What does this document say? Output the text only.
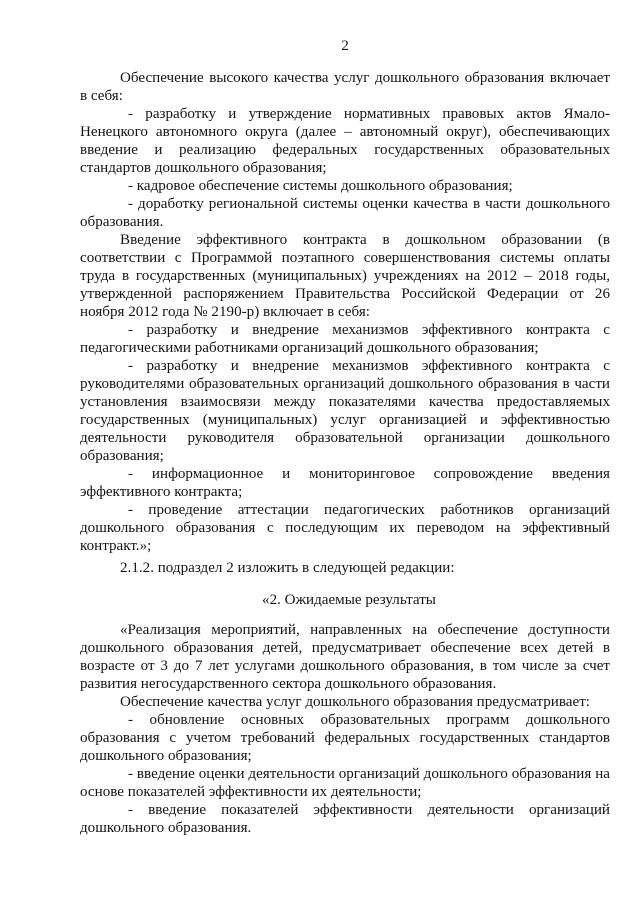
2

Обеспечение высокого качества услуг дошкольного образования включает в себя:

- разработку и утверждение нормативных правовых актов Ямало-Ненецкого автономного округа (далее – автономный округ), обеспечивающих введение и реализацию федеральных государственных образовательных стандартов дошкольного образования;

- кадровое обеспечение системы дошкольного образования;

- доработку региональной системы оценки качества в части дошкольного образования.

Введение эффективного контракта в дошкольном образовании (в соответствии с Программой поэтапного совершенствования системы оплаты труда в государственных (муниципальных) учреждениях на 2012 – 2018 годы, утвержденной распоряжением Правительства Российской Федерации от 26 ноября 2012 года № 2190-р) включает в себя:

- разработку и внедрение механизмов эффективного контракта с педагогическими работниками организаций дошкольного образования;

- разработку и внедрение механизмов эффективного контракта с руководителями образовательных организаций дошкольного образования в части установления взаимосвязи между показателями качества предоставляемых государственных (муниципальных) услуг организацией и эффективностью деятельности руководителя образовательной организации дошкольного образования;

- информационное и мониторинговое сопровождение введения эффективного контракта;

- проведение аттестации педагогических работников организаций дошкольного образования с последующим их переводом на эффективный контракт.»;

2.1.2. подраздел 2 изложить в следующей редакции:

«2. Ожидаемые результаты

«Реализация мероприятий, направленных на обеспечение доступности дошкольного образования детей, предусматривает обеспечение всех детей в возрасте от 3 до 7 лет услугами дошкольного образования, в том числе за счет развития негосударственного сектора дошкольного образования.

Обеспечение качества услуг дошкольного образования предусматривает:

- обновление основных образовательных программ дошкольного образования с учетом требований федеральных государственных стандартов дошкольного образования;

- введение оценки деятельности организаций дошкольного образования на основе показателей эффективности их деятельности;

- введение показателей эффективности деятельности организаций дошкольного образования.
